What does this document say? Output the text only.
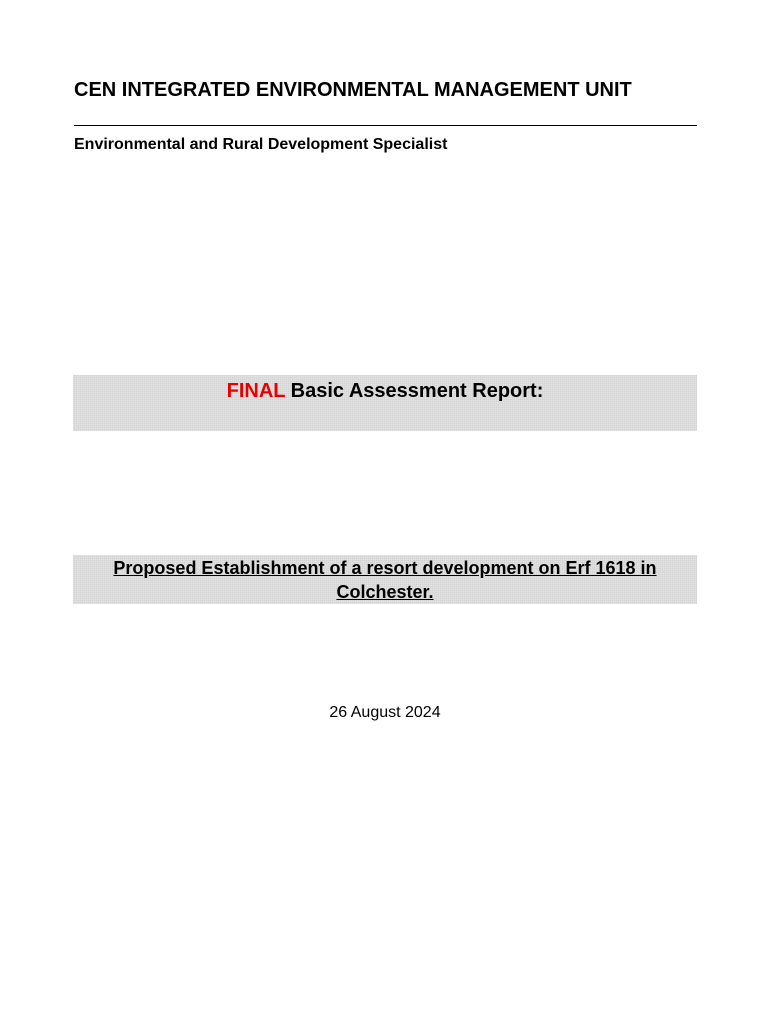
CEN INTEGRATED ENVIRONMENTAL MANAGEMENT UNIT

Environmental and Rural Development Specialist

FINAL Basic Assessment Report:

Proposed Establishment of a resort development on Erf 1618 in Colchester.

26 August 2024
